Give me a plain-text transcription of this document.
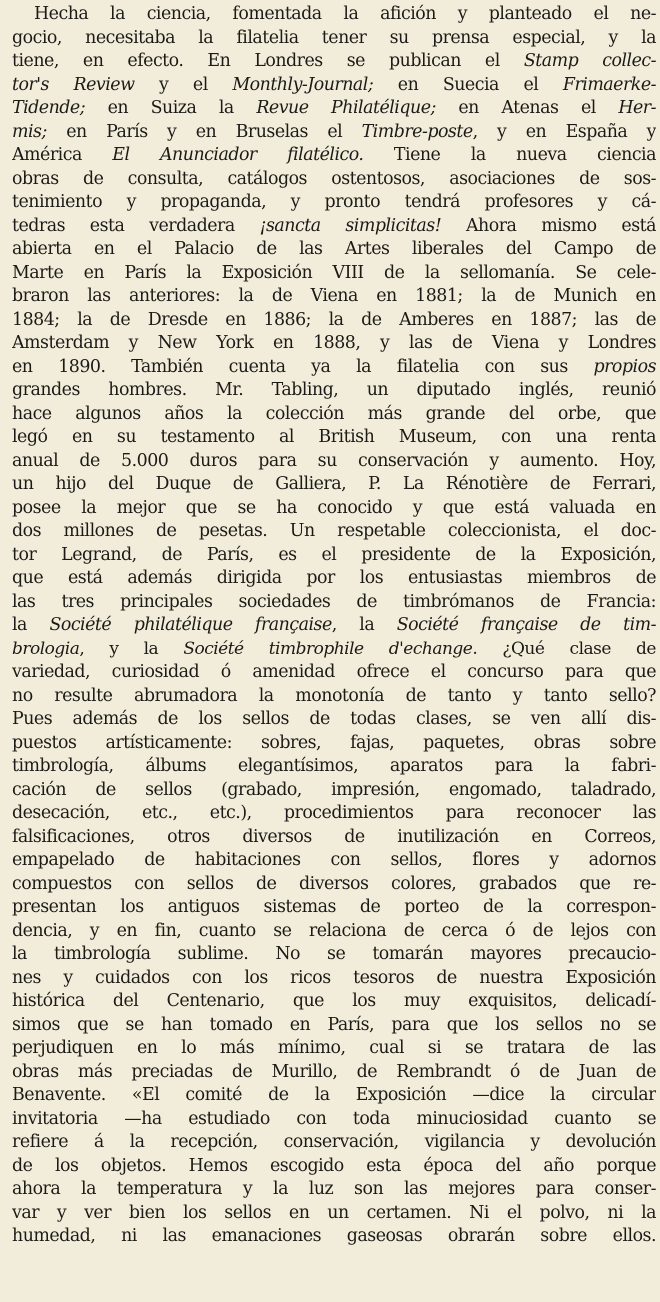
Hecha la ciencia, fomentada la afición y planteado el ne-
gocio, necesitaba la filatelia tener su prensa especial, y la
tiene, en efecto. En Londres se publican el Stamp collec-
tor's Review y el Monthly-Journal; en Suecia el Frimaerke-
Tidende; en Suiza la Revue Philatélique; en Atenas el Her-
mis; en París y en Bruselas el Timbre-poste, y en España y
América El Anunciador filatélico. Tiene la nueva ciencia
obras de consulta, catálogos ostentosos, asociaciones de sos-
tenimiento y propaganda, y pronto tendrá profesores y cá-
tedras esta verdadera ¡sancta simplicitas! Ahora mismo está
abierta en el Palacio de las Artes liberales del Campo de
Marte en París la Exposición VIII de la sellomanía. Se cele-
braron las anteriores: la de Viena en 1881; la de Munich en
1884; la de Dresde en 1886; la de Amberes en 1887; las de
Amsterdam y New York en 1888, y las de Viena y Londres
en 1890. También cuenta ya la filatelia con sus propios
grandes hombres. Mr. Tabling, un diputado inglés, reunió
hace algunos años la colección más grande del orbe, que
legó en su testamento al British Museum, con una renta
anual de 5.000 duros para su conservación y aumento. Hoy,
un hijo del Duque de Galliera, P. La Rénotière de Ferrari,
posee la mejor que se ha conocido y que está valuada en
dos millones de pesetas. Un respetable coleccionista, el doc-
tor Legrand, de París, es el presidente de la Exposición,
que está además dirigida por los entusiastas miembros de
las tres principales sociedades de timbrómanos de Francia:
la Société philatélique française, la Société française de tim-
brologia, y la Société timbrophile d'echange. ¿Qué clase de
variedad, curiosidad ó amenidad ofrece el concurso para que
no resulte abrumadora la monotonía de tanto y tanto sello?
Pues además de los sellos de todas clases, se ven allí dis-
puestos artísticamente: sobres, fajas, paquetes, obras sobre
timbrología, álbums elegantísimos, aparatos para la fabri-
cación de sellos (grabado, impresión, engomado, taladrado,
desecación, etc., etc.), procedimientos para reconocer las
falsificaciones, otros diversos de inutilización en Correos,
empapelado de habitaciones con sellos, flores y adornos
compuestos con sellos de diversos colores, grabados que re-
presentan los antiguos sistemas de porteo de la correspon-
dencia, y en fin, cuanto se relaciona de cerca ó de lejos con
la timbrología sublime. No se tomarán mayores precaucio-
nes y cuidados con los ricos tesoros de nuestra Exposición
histórica del Centenario, que los muy exquisitos, delicadí-
simos que se han tomado en París, para que los sellos no se
perjudiquen en lo más mínimo, cual si se tratara de las
obras más preciadas de Murillo, de Rembrandt ó de Juan de
Benavente. «El comité de la Exposición —dice la circular
invitatoria —ha estudiado con toda minuciosidad cuanto se
refiere á la recepción, conservación, vigilancia y devolución
de los objetos. Hemos escogido esta época del año porque
ahora la temperatura y la luz son las mejores para conser-
var y ver bien los sellos en un certamen. Ni el polvo, ni la
humedad, ni las emanaciones gaseosas obrarán sobre ellos.
